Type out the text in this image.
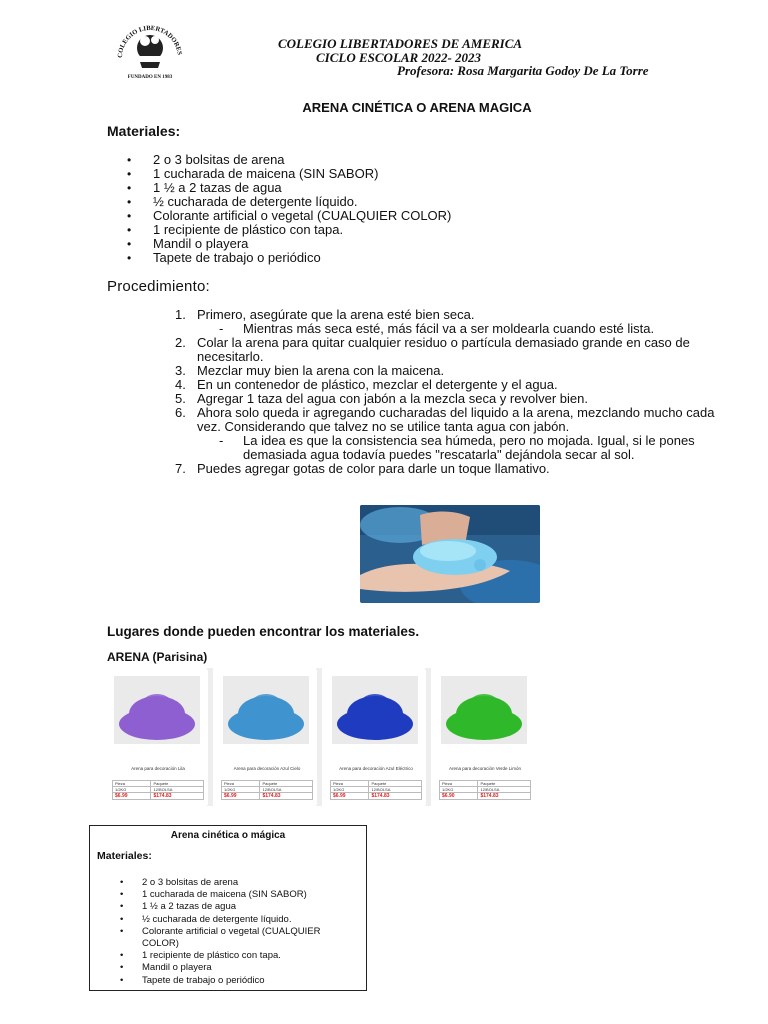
COLEGIO LIBERTADORES
FUNDADO EN 1983
COLEGIO LIBERTADORES DE AMERICA
CICLO ESCOLAR 2022- 2023
Profesora: Rosa Margarita Godoy De La Torre
ARENA CINÉTICA O ARENA MAGICA
Materiales:
• 2 o 3 bolsitas de arena
• 1 cucharada de maicena (SIN SABOR)
• 1 ½ a 2 tazas de agua
• ½ cucharada de detergente líquido.
• Colorante artificial o vegetal (CUALQUIER COLOR)
• 1 recipiente de plástico con tapa.
• Mandil o playera
• Tapete de trabajo o periódico
Procedimiento:
1. Primero, asegúrate que la arena esté bien seca.
- Mientras más seca esté, más fácil va a ser moldearla cuando esté lista.
2. Colar la arena para quitar cualquier residuo o partícula demasiado grande en caso de necesitarlo.
3. Mezclar muy bien la arena con la maicena.
4. En un contenedor de plástico, mezclar el detergente y el agua.
5. Agregar 1 taza del agua con jabón a la mezcla seca y revolver bien.
6. Ahora solo queda ir agregando cucharadas del liquido a la arena, mezclando mucho cada vez. Considerando que talvez no se utilice tanta agua con jabón.
- La idea es que la consistencia sea húmeda, pero no mojada. Igual, si le pones demasiada agua todavía puedes "rescatarla" dejándola secar al sol.
7. Puedes agregar gotas de color para darle un toque llamativo.
Lugares donde pueden encontrar los materiales.
ARENA (Parisina)
Arena para decoración Lila
Pieza	Paquete
1/2KG	12/BOLSA
$6.99	$174.83
Arena para decoración Azul Cielo
Pieza	Paquete
1/2KG	12/BOLSA
$6.99	$174.83
Arena para decoración Azul Eléctrico
Pieza	Paquete
1/2KG	12/BOLSA
$6.99	$174.83
Arena para decoración Verde Limón
Pieza	Paquete
1/2KG	12/BOLSA
$6.90	$174.83
Arena cinética o mágica
Materiales:
• 2 o 3 bolsitas de arena
• 1 cucharada de maicena (SIN SABOR)
• 1 ½ a 2 tazas de agua
• ½ cucharada de detergente líquido.
• Colorante artificial o vegetal (CUALQUIER COLOR)
• 1 recipiente de plástico con tapa.
• Mandil o playera
• Tapete de trabajo o periódico
